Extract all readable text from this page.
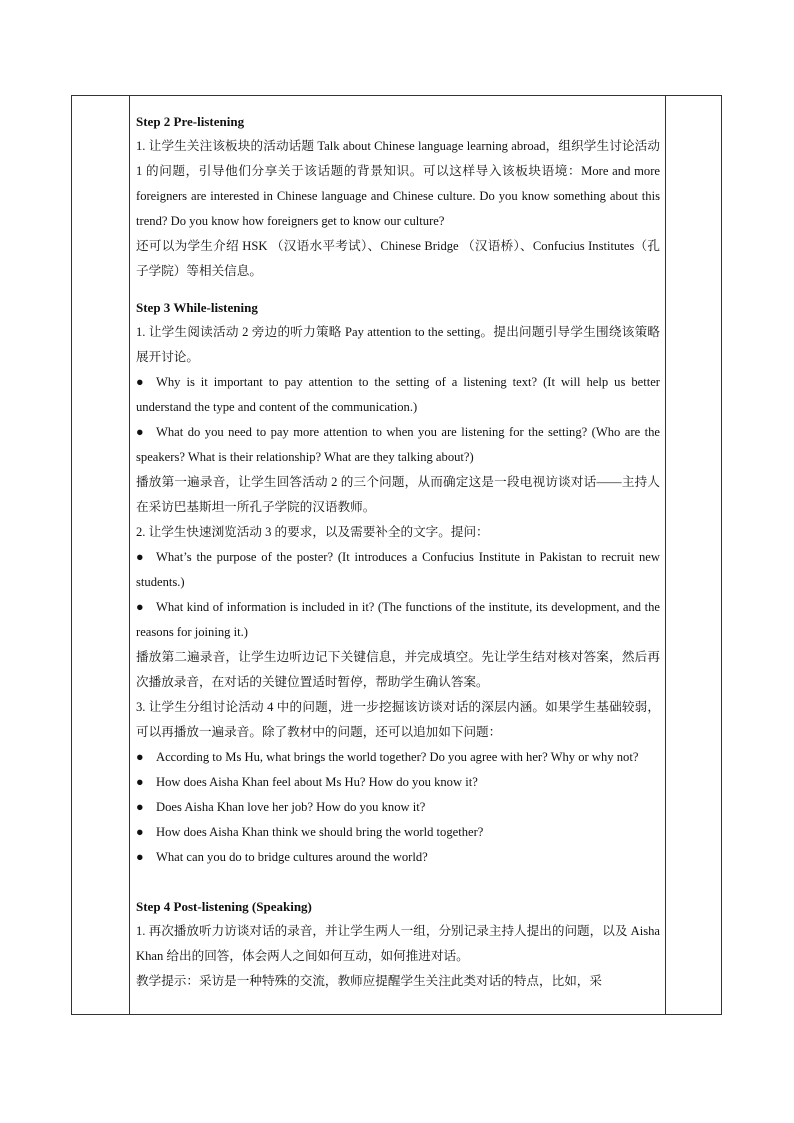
Step 2 Pre-listening

1. 让学生关注该板块的活动话题 Talk about Chinese language learning abroad，组织学生讨论活动 1 的问题，引导他们分享关于该话题的背景知识。可以这样导入该板块语境：More and more foreigners are interested in Chinese language and Chinese culture. Do you know something about this trend? Do you know how foreigners get to know our culture?

还可以为学生介绍 HSK （汉语水平考试）、Chinese Bridge （汉语桥）、Confucius Institutes（孔子学院）等相关信息。

Step 3 While-listening

1. 让学生阅读活动 2 旁边的听力策略 Pay attention to the setting。提出问题引导学生围绕该策略展开讨论。

● Why is it important to pay attention to the setting of a listening text? (It will help us better understand the type and content of the communication.)

● What do you need to pay more attention to when you are listening for the setting? (Who are the speakers? What is their relationship? What are they talking about?)

播放第一遍录音，让学生回答活动 2 的三个问题，从而确定这是一段电视访谈对话——主持人在采访巴基斯坦一所孔子学院的汉语教师。

2. 让学生快速浏览活动 3 的要求，以及需要补全的文字。提问：

● What’s the purpose of the poster? (It introduces a Confucius Institute in Pakistan to recruit new students.)

● What kind of information is included in it? (The functions of the institute, its development, and the reasons for joining it.)

播放第二遍录音，让学生边听边记下关键信息，并完成填空。先让学生结对核对答案，然后再次播放录音，在对话的关键位置适时暂停，帮助学生确认答案。

3. 让学生分组讨论活动 4 中的问题，进一步挖掘该访谈对话的深层内涵。如果学生基础较弱，可以再播放一遍录音。除了教材中的问题，还可以追加如下问题：

● According to Ms Hu, what brings the world together? Do you agree with her? Why or why not?

● How does Aisha Khan feel about Ms Hu? How do you know it?

● Does Aisha Khan love her job? How do you know it?

● How does Aisha Khan think we should bring the world together?

● What can you do to bridge cultures around the world?

Step 4 Post-listening (Speaking)

1. 再次播放听力访谈对话的录音，并让学生两人一组，分别记录主持人提出的问题，以及 Aisha Khan 给出的回答，体会两人之间如何互动，如何推进对话。

教学提示：采访是一种特殊的交流，教师应提醒学生关注此类对话的特点，比如，采
